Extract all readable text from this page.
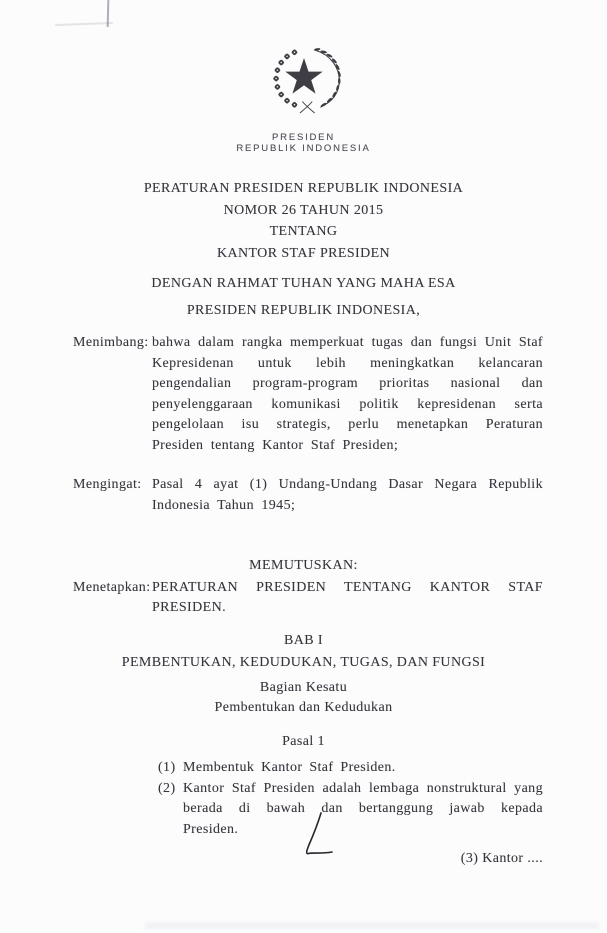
PRESIDEN
REPUBLIK INDONESIA
PERATURAN PRESIDEN REPUBLIK INDONESIA
NOMOR 26 TAHUN 2015
TENTANG
KANTOR STAF PRESIDEN
DENGAN RAHMAT TUHAN YANG MAHA ESA
PRESIDEN REPUBLIK INDONESIA,
Menimbang: bahwa dalam rangka memperkuat tugas dan fungsi Unit Staf Kepresidenan untuk lebih meningkatkan kelancaran pengendalian program-program prioritas nasional dan penyelenggaraan komunikasi politik kepresidenan serta pengelolaan isu strategis, perlu menetapkan Peraturan Presiden tentang Kantor Staf Presiden;
Mengingat: Pasal 4 ayat (1) Undang-Undang Dasar Negara Republik Indonesia Tahun 1945;
MEMUTUSKAN:
Menetapkan: PERATURAN PRESIDEN TENTANG KANTOR STAF PRESIDEN.
BAB I
PEMBENTUKAN, KEDUDUKAN, TUGAS, DAN FUNGSI
Bagian Kesatu
Pembentukan dan Kedudukan
Pasal 1
(1) Membentuk Kantor Staf Presiden.
(2) Kantor Staf Presiden adalah lembaga nonstruktural yang berada di bawah dan bertanggung jawab kepada Presiden.
(3) Kantor ....
